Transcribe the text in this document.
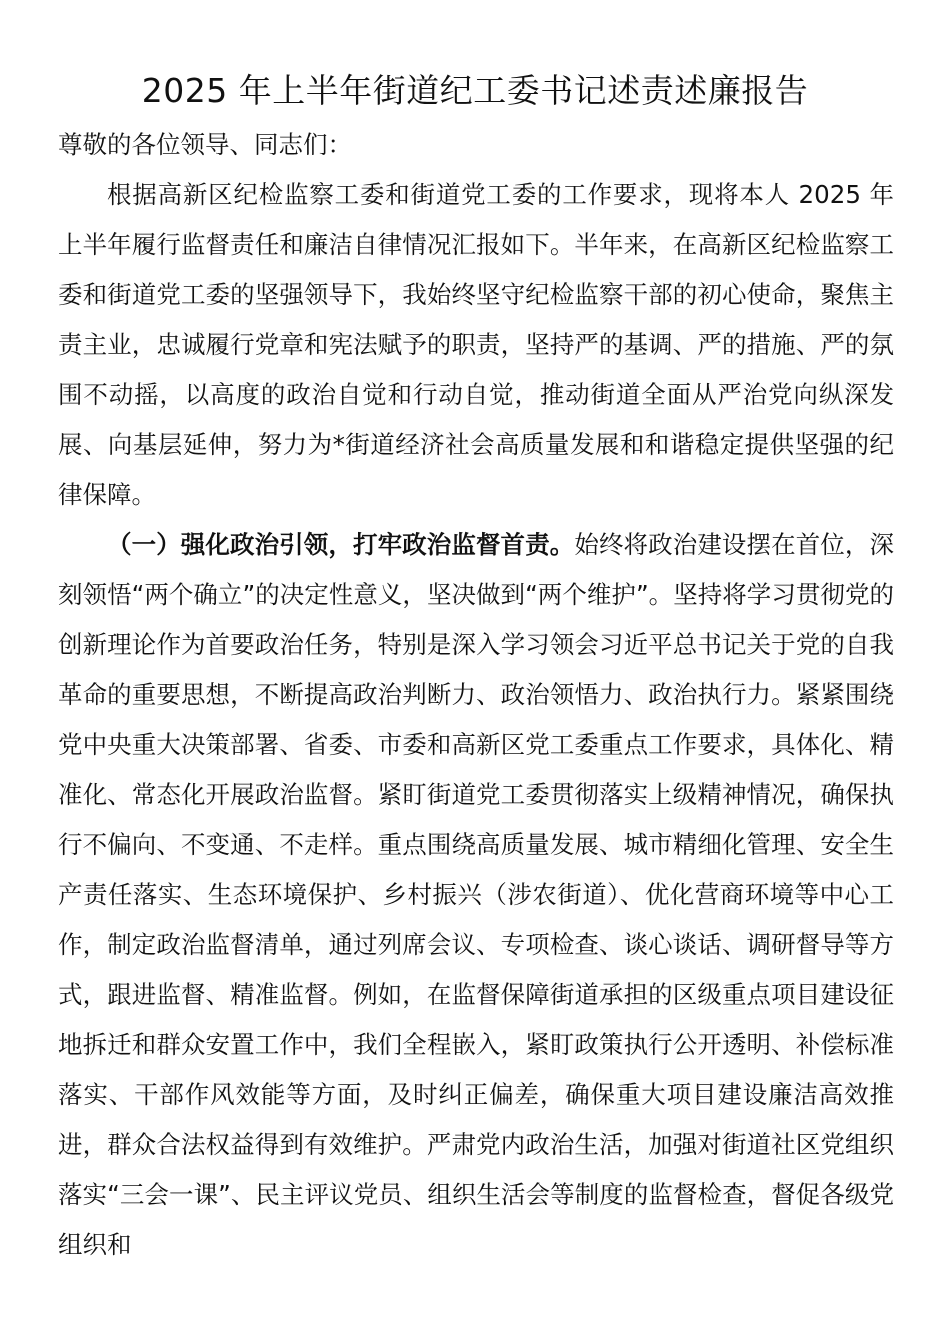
2025 年上半年街道纪工委书记述责述廉报告

尊敬的各位领导、同志们：

根据高新区纪检监察工委和街道党工委的工作要求，现将本人 2025 年上半年履行监督责任和廉洁自律情况汇报如下。半年来，在高新区纪检监察工委和街道党工委的坚强领导下，我始终坚守纪检监察干部的初心使命，聚焦主责主业，忠诚履行党章和宪法赋予的职责，坚持严的基调、严的措施、严的氛围不动摇，以高度的政治自觉和行动自觉，推动街道全面从严治党向纵深发展、向基层延伸，努力为*街道经济社会高质量发展和和谐稳定提供坚强的纪律保障。

（一）强化政治引领，打牢政治监督首责。始终将政治建设摆在首位，深刻领悟“两个确立”的决定性意义，坚决做到“两个维护”。坚持将学习贯彻党的创新理论作为首要政治任务，特别是深入学习领会习近平总书记关于党的自我革命的重要思想，不断提高政治判断力、政治领悟力、政治执行力。紧紧围绕党中央重大决策部署、省委、市委和高新区党工委重点工作要求，具体化、精准化、常态化开展政治监督。紧盯街道党工委贯彻落实上级精神情况，确保执行不偏向、不变通、不走样。重点围绕高质量发展、城市精细化管理、安全生产责任落实、生态环境保护、乡村振兴（涉农街道）、优化营商环境等中心工作，制定政治监督清单，通过列席会议、专项检查、谈心谈话、调研督导等方式，跟进监督、精准监督。例如，在监督保障街道承担的区级重点项目建设征地拆迁和群众安置工作中，我们全程嵌入，紧盯政策执行公开透明、补偿标准落实、干部作风效能等方面，及时纠正偏差，确保重大项目建设廉洁高效推进，群众合法权益得到有效维护。严肃党内政治生活，加强对街道社区党组织落实“三会一课”、民主评议党员、组织生活会等制度的监督检查，督促各级党组织和
